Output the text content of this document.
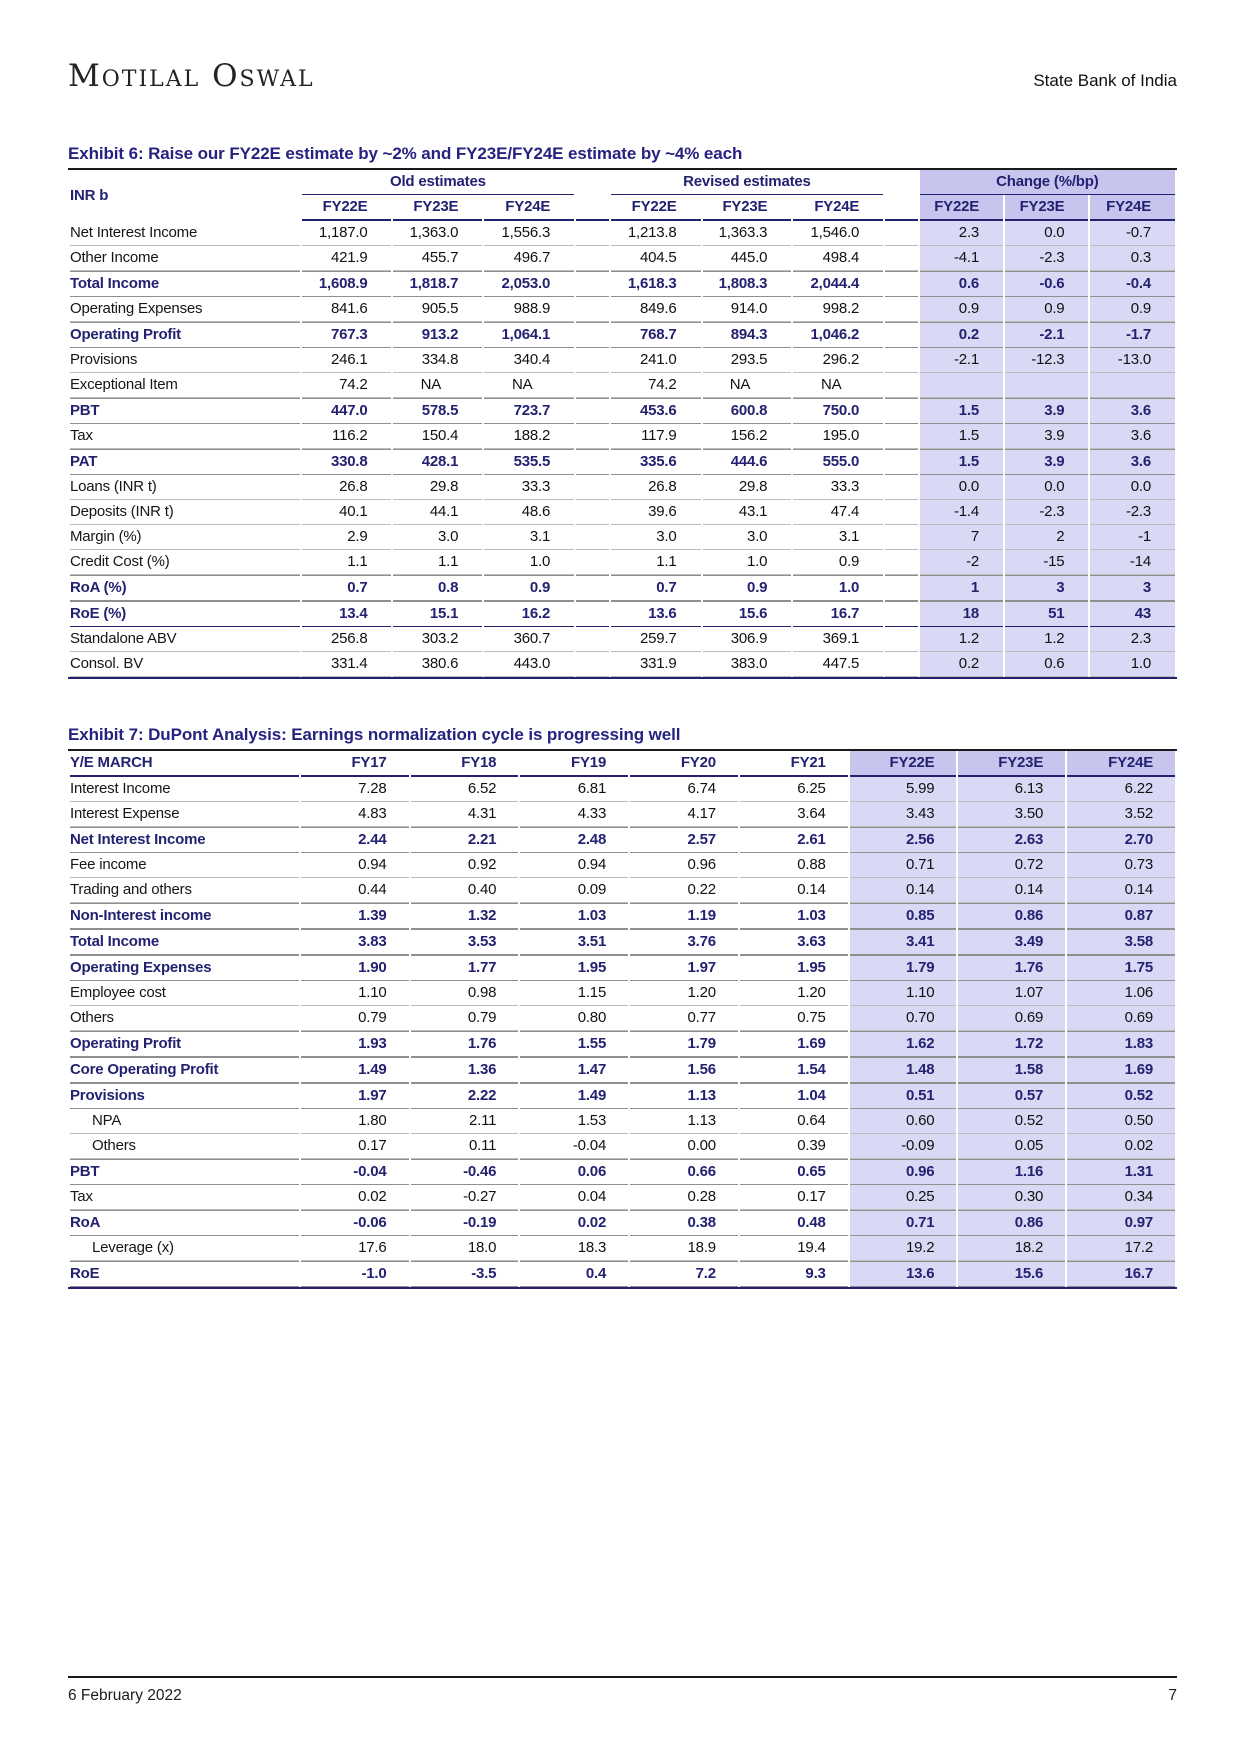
Motilal Oswal	State Bank of India
Exhibit 6: Raise our FY22E estimate by ~2% and FY23E/FY24E estimate by ~4% each
INR b	Old estimates				Revised estimates				Change (%/bp)		
	FY22E	FY23E	FY24E		FY22E	FY23E	FY24E		FY22E	FY23E	FY24E
Net Interest Income	1,187.0	1,363.0	1,556.3		1,213.8	1,363.3	1,546.0		2.3	0.0	-0.7
Other Income	421.9	455.7	496.7		404.5	445.0	498.4		-4.1	-2.3	0.3
Total Income	1,608.9	1,818.7	2,053.0		1,618.3	1,808.3	2,044.4		0.6	-0.6	-0.4
Operating Expenses	841.6	905.5	988.9		849.6	914.0	998.2		0.9	0.9	0.9
Operating Profit	767.3	913.2	1,064.1		768.7	894.3	1,046.2		0.2	-2.1	-1.7
Provisions	246.1	334.8	340.4		241.0	293.5	296.2		-2.1	-12.3	-13.0
Exceptional Item	74.2	NA	NA		74.2	NA	NA				
PBT	447.0	578.5	723.7		453.6	600.8	750.0		1.5	3.9	3.6
Tax	116.2	150.4	188.2		117.9	156.2	195.0		1.5	3.9	3.6
PAT	330.8	428.1	535.5		335.6	444.6	555.0		1.5	3.9	3.6
Loans (INR t)	26.8	29.8	33.3		26.8	29.8	33.3		0.0	0.0	0.0
Deposits (INR t)	40.1	44.1	48.6		39.6	43.1	47.4		-1.4	-2.3	-2.3
Margin (%)	2.9	3.0	3.1		3.0	3.0	3.1		7	2	-1
Credit Cost (%)	1.1	1.1	1.0		1.1	1.0	0.9		-2	-15	-14
RoA (%)	0.7	0.8	0.9		0.7	0.9	1.0		1	3	3
RoE (%)	13.4	15.1	16.2		13.6	15.6	16.7		18	51	43
Standalone ABV	256.8	303.2	360.7		259.7	306.9	369.1		1.2	1.2	2.3
Consol. BV	331.4	380.6	443.0		331.9	383.0	447.5		0.2	0.6	1.0
Exhibit 7: DuPont Analysis: Earnings normalization cycle is progressing well
Y/E MARCH	FY17	FY18	FY19	FY20	FY21	FY22E	FY23E	FY24E
Interest Income	7.28	6.52	6.81	6.74	6.25	5.99	6.13	6.22
Interest Expense	4.83	4.31	4.33	4.17	3.64	3.43	3.50	3.52
Net Interest Income	2.44	2.21	2.48	2.57	2.61	2.56	2.63	2.70
Fee income	0.94	0.92	0.94	0.96	0.88	0.71	0.72	0.73
Trading and others	0.44	0.40	0.09	0.22	0.14	0.14	0.14	0.14
Non-Interest income	1.39	1.32	1.03	1.19	1.03	0.85	0.86	0.87
Total Income	3.83	3.53	3.51	3.76	3.63	3.41	3.49	3.58
Operating Expenses	1.90	1.77	1.95	1.97	1.95	1.79	1.76	1.75
Employee cost	1.10	0.98	1.15	1.20	1.20	1.10	1.07	1.06
Others	0.79	0.79	0.80	0.77	0.75	0.70	0.69	0.69
Operating Profit	1.93	1.76	1.55	1.79	1.69	1.62	1.72	1.83
Core Operating Profit	1.49	1.36	1.47	1.56	1.54	1.48	1.58	1.69
Provisions	1.97	2.22	1.49	1.13	1.04	0.51	0.57	0.52
NPA	1.80	2.11	1.53	1.13	0.64	0.60	0.52	0.50
Others	0.17	0.11	-0.04	0.00	0.39	-0.09	0.05	0.02
PBT	-0.04	-0.46	0.06	0.66	0.65	0.96	1.16	1.31
Tax	0.02	-0.27	0.04	0.28	0.17	0.25	0.30	0.34
RoA	-0.06	-0.19	0.02	0.38	0.48	0.71	0.86	0.97
Leverage (x)	17.6	18.0	18.3	18.9	19.4	19.2	18.2	17.2
RoE	-1.0	-3.5	0.4	7.2	9.3	13.6	15.6	16.7
6 February 2022	7
